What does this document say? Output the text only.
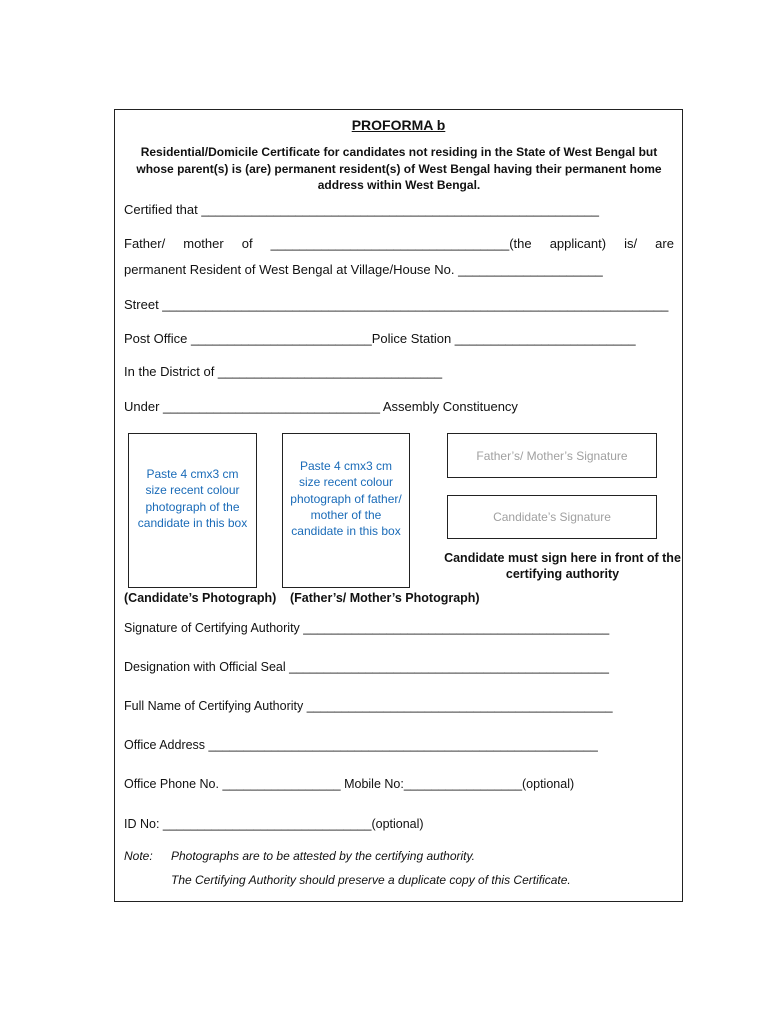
PROFORMA b
Residential/Domicile Certificate for candidates not residing in the State of West Bengal but whose parent(s) is (are) permanent resident(s) of West Bengal having their permanent home address within West Bengal.
Certified that _______________________________________________________
Father/ mother of _________________________________(the applicant) is/ are
permanent Resident of West Bengal at Village/House No. ____________________
Street ______________________________________________________________________
Post Office _________________________Police Station _________________________
In the District of _______________________________
Under ______________________________ Assembly Constituency
Paste 4 cmx3 cm size recent colour photograph of the candidate in this box
Paste 4 cmx3 cm size recent colour photograph of father/ mother of the candidate in this box
(Candidate’s Photograph) (Father’s/ Mother’s Photograph)
Father’s/ Mother’s Signature
Candidate’s Signature
Candidate must sign here in front of the certifying authority
Signature of Certifying Authority ____________________________________________
Designation with Official Seal ______________________________________________
Full Name of Certifying Authority ____________________________________________
Office Address ________________________________________________________
Office Phone No. _________________ Mobile No:_________________(optional)
ID No: ______________________________(optional)
Note: Photographs are to be attested by the certifying authority.
The Certifying Authority should preserve a duplicate copy of this Certificate.
